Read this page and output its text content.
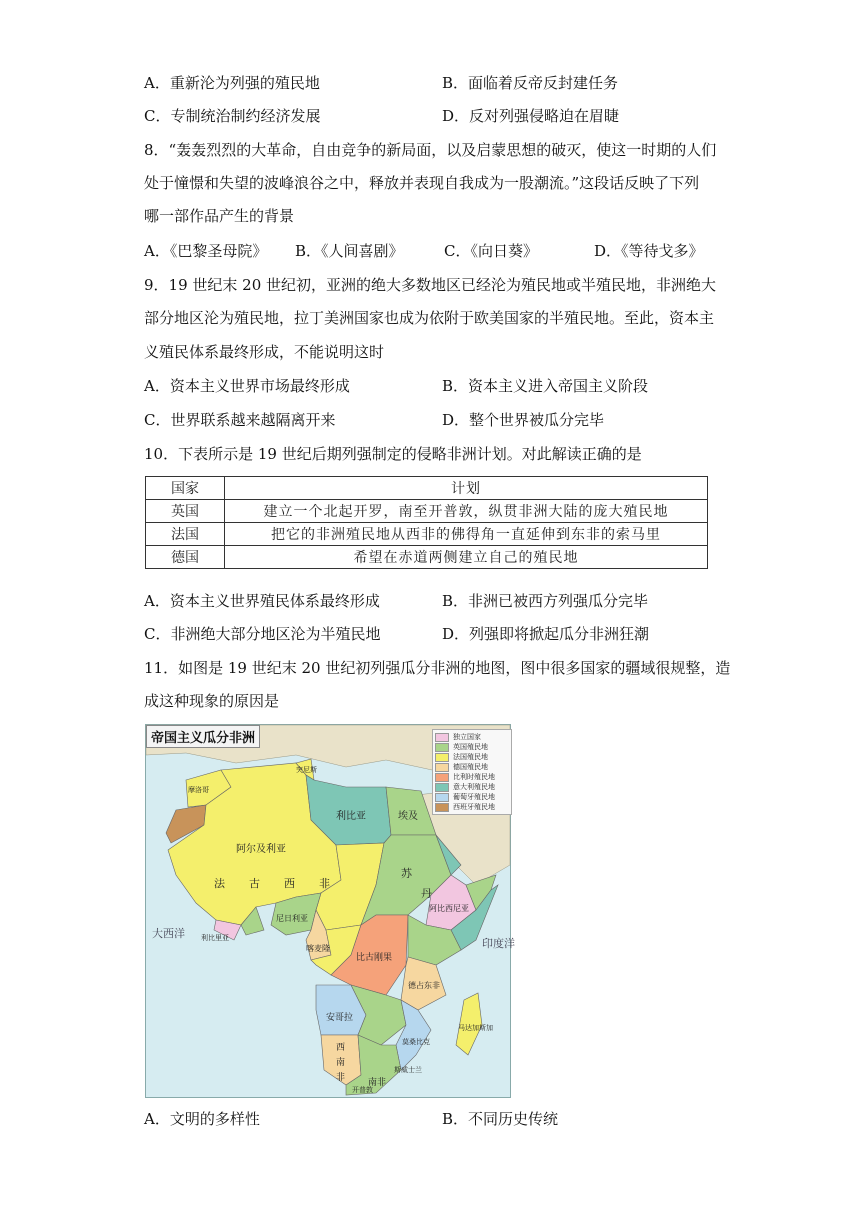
A．重新沦为列强的殖民地	B．面临着反帝反封建任务
C．专制统治制约经济发展	D．反对列强侵略迫在眉睫
8．“轰轰烈烈的大革命，自由竞争的新局面，以及启蒙思想的破灭，使这一时期的人们
处于憧憬和失望的波峰浪谷之中，释放并表现自我成为一股潮流。”这段话反映了下列
哪一部作品产生的背景
A．《巴黎圣母院》 B．《人间喜剧》	C．《向日葵》	D．《等待戈多》
9．19 世纪末 20 世纪初，亚洲的绝大多数地区已经沦为殖民地或半殖民地，非洲绝大
部分地区沦为殖民地，拉丁美洲国家也成为依附于欧美国家的半殖民地。至此，资本主
义殖民体系最终形成，不能说明这时
A．资本主义世界市场最终形成	B．资本主义进入帝国主义阶段
C．世界联系越来越隔离开来	D．整个世界被瓜分完毕
10．下表所示是 19 世纪后期列强制定的侵略非洲计划。对此解读正确的是
国家	计划
英国	建立一个北起开罗，南至开普敦，纵贯非洲大陆的庞大殖民地
法国	把它的非洲殖民地从西非的佛得角一直延伸到东非的索马里
德国	希望在赤道两侧建立自己的殖民地
A．资本主义世界殖民体系最终形成	B．非洲已被西方列强瓜分完毕
C．非洲绝大部分地区沦为半殖民地	D．列强即将掀起瓜分非洲狂潮
11．如图是 19 世纪末 20 世纪初列强瓜分非洲的地图，图中很多国家的疆域很规整，造
成这种现象的原因是
帝国主义瓜分非洲	独立国家
英国殖民地
法国殖民地
德国殖民地
比利时殖民地
意大利殖民地
葡萄牙殖民地
西班牙殖民地
阿尔及利亚
利比亚	埃及
法 古 西 非
苏
丹
阿比西尼亚
尼日利亚
喀麦隆
比古刚果
德占东非
安哥拉
西
南
非	南非
马达加斯加
摩洛哥
突尼斯
利比里亚
莫桑比克
大西洋
印度洋
开普敦
斯威士兰
A．文明的多样性	B．不同历史传统
